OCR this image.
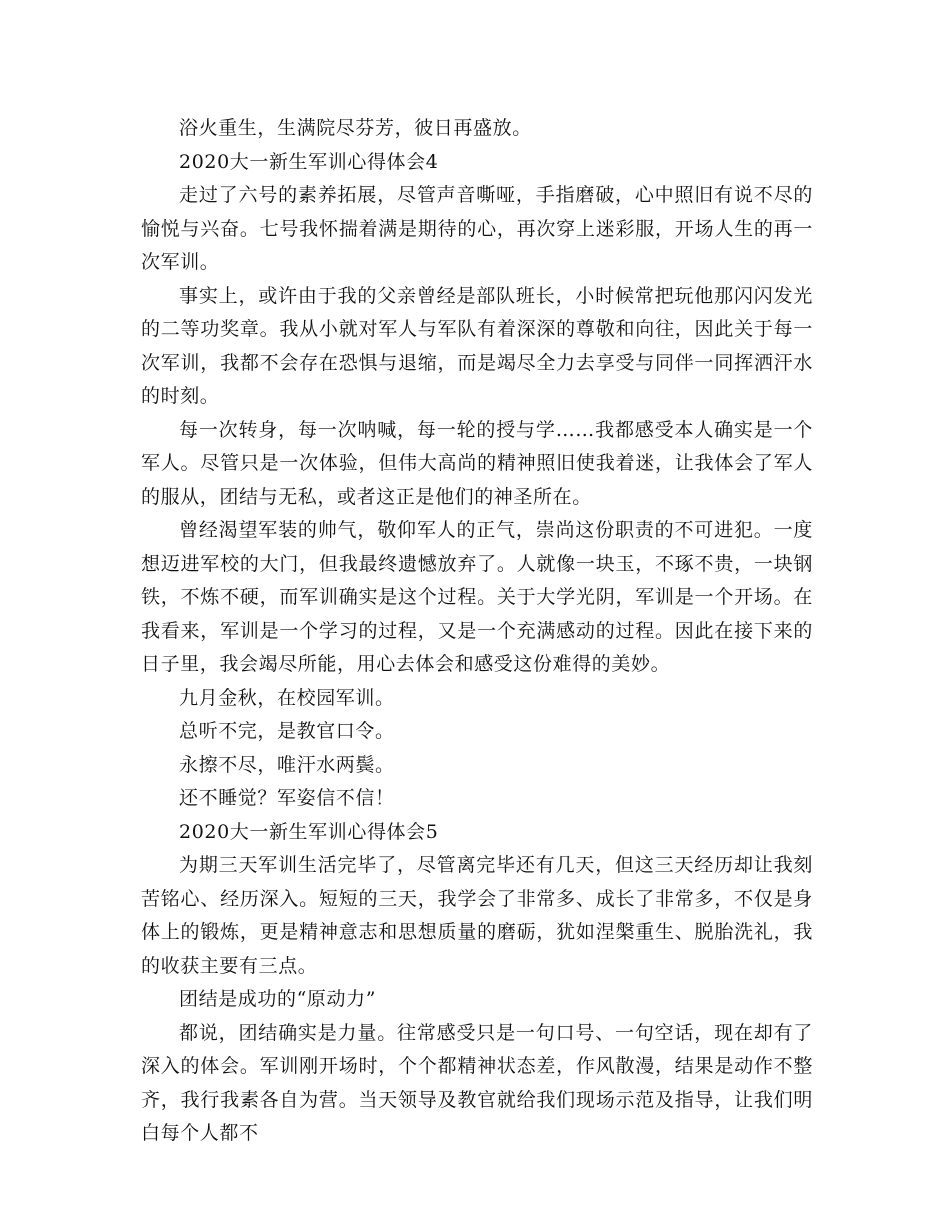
浴火重生，生满院尽芬芳，彼日再盛放。

2020大一新生军训心得体会4

走过了六号的素养拓展，尽管声音嘶哑，手指磨破，心中照旧有说不尽的愉悦与兴奋。七号我怀揣着满是期待的心，再次穿上迷彩服，开场人生的再一次军训。

事实上，或许由于我的父亲曾经是部队班长，小时候常把玩他那闪闪发光的二等功奖章。我从小就对军人与军队有着深深的尊敬和向往，因此关于每一次军训，我都不会存在恐惧与退缩，而是竭尽全力去享受与同伴一同挥洒汗水的时刻。

每一次转身，每一次呐喊，每一轮的授与学……我都感受本人确实是一个军人。尽管只是一次体验，但伟大高尚的精神照旧使我着迷，让我体会了军人的服从，团结与无私，或者这正是他们的神圣所在。

曾经渴望军装的帅气，敬仰军人的正气，崇尚这份职责的不可进犯。一度想迈进军校的大门，但我最终遗憾放弃了。人就像一块玉，不琢不贵，一块钢铁，不炼不硬，而军训确实是这个过程。关于大学光阴，军训是一个开场。在我看来，军训是一个学习的过程，又是一个充满感动的过程。因此在接下来的日子里，我会竭尽所能，用心去体会和感受这份难得的美妙。

九月金秋，在校园军训。

总听不完，是教官口令。

永擦不尽，唯汗水两鬓。

还不睡觉？军姿信不信！

2020大一新生军训心得体会5

为期三天军训生活完毕了，尽管离完毕还有几天，但这三天经历却让我刻苦铭心、经历深入。短短的三天，我学会了非常多、成长了非常多，不仅是身体上的锻炼，更是精神意志和思想质量的磨砺，犹如涅槃重生、脱胎洗礼，我的收获主要有三点。

团结是成功的“原动力”

都说，团结确实是力量。往常感受只是一句口号、一句空话，现在却有了深入的体会。军训刚开场时，个个都精神状态差，作风散漫，结果是动作不整齐，我行我素各自为营。当天领导及教官就给我们现场示范及指导，让我们明白每个人都不
